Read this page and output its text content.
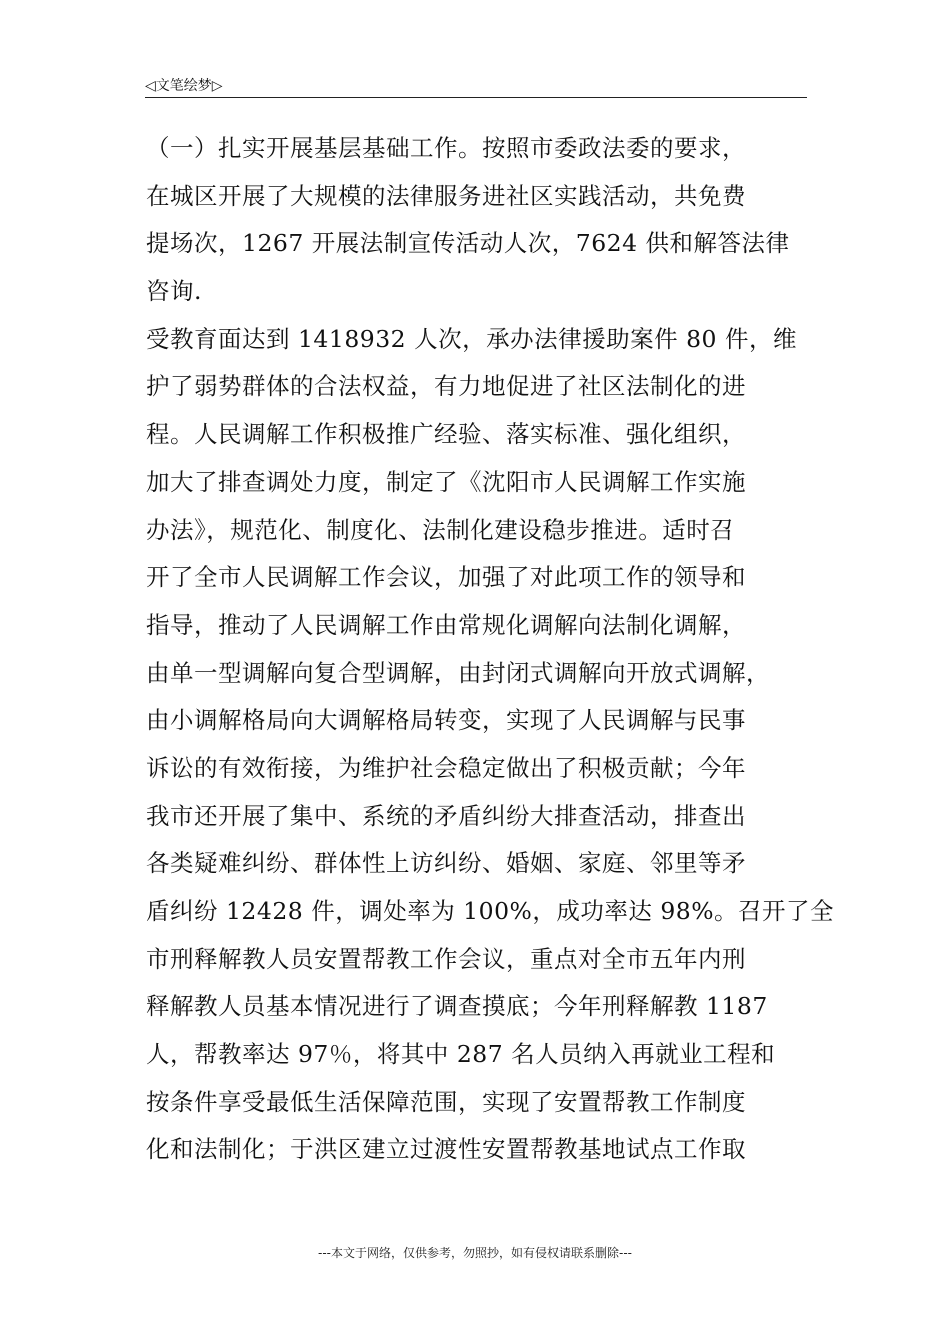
◁文笔绘梦▷
（一）扎实开展基层基础工作。按照市委政法委的要求，
在城区开展了大规模的法律服务进社区实践活动，共免费
提场次，1267 开展法制宣传活动人次，7624 供和解答法律
咨询.
受教育面达到 1418932 人次，承办法律援助案件 80 件，维
护了弱势群体的合法权益，有力地促进了社区法制化的进
程。人民调解工作积极推广经验、落实标准、强化组织，
加大了排查调处力度，制定了《沈阳市人民调解工作实施
办法》，规范化、制度化、法制化建设稳步推进。适时召
开了全市人民调解工作会议，加强了对此项工作的领导和
指导，推动了人民调解工作由常规化调解向法制化调解，
由单一型调解向复合型调解，由封闭式调解向开放式调解，
由小调解格局向大调解格局转变，实现了人民调解与民事
诉讼的有效衔接，为维护社会稳定做出了积极贡献；今年
我市还开展了集中、系统的矛盾纠纷大排查活动，排查出
各类疑难纠纷、群体性上访纠纷、婚姻、家庭、邻里等矛
盾纠纷 12428 件，调处率为 100%，成功率达 98%。召开了全
市刑释解教人员安置帮教工作会议，重点对全市五年内刑
释解教人员基本情况进行了调查摸底；今年刑释解教 1187
人，帮教率达 97％，将其中 287 名人员纳入再就业工程和
按条件享受最低生活保障范围，实现了安置帮教工作制度
化和法制化；于洪区建立过渡性安置帮教基地试点工作取
---本文于网络，仅供参考，勿照抄，如有侵权请联系删除---
